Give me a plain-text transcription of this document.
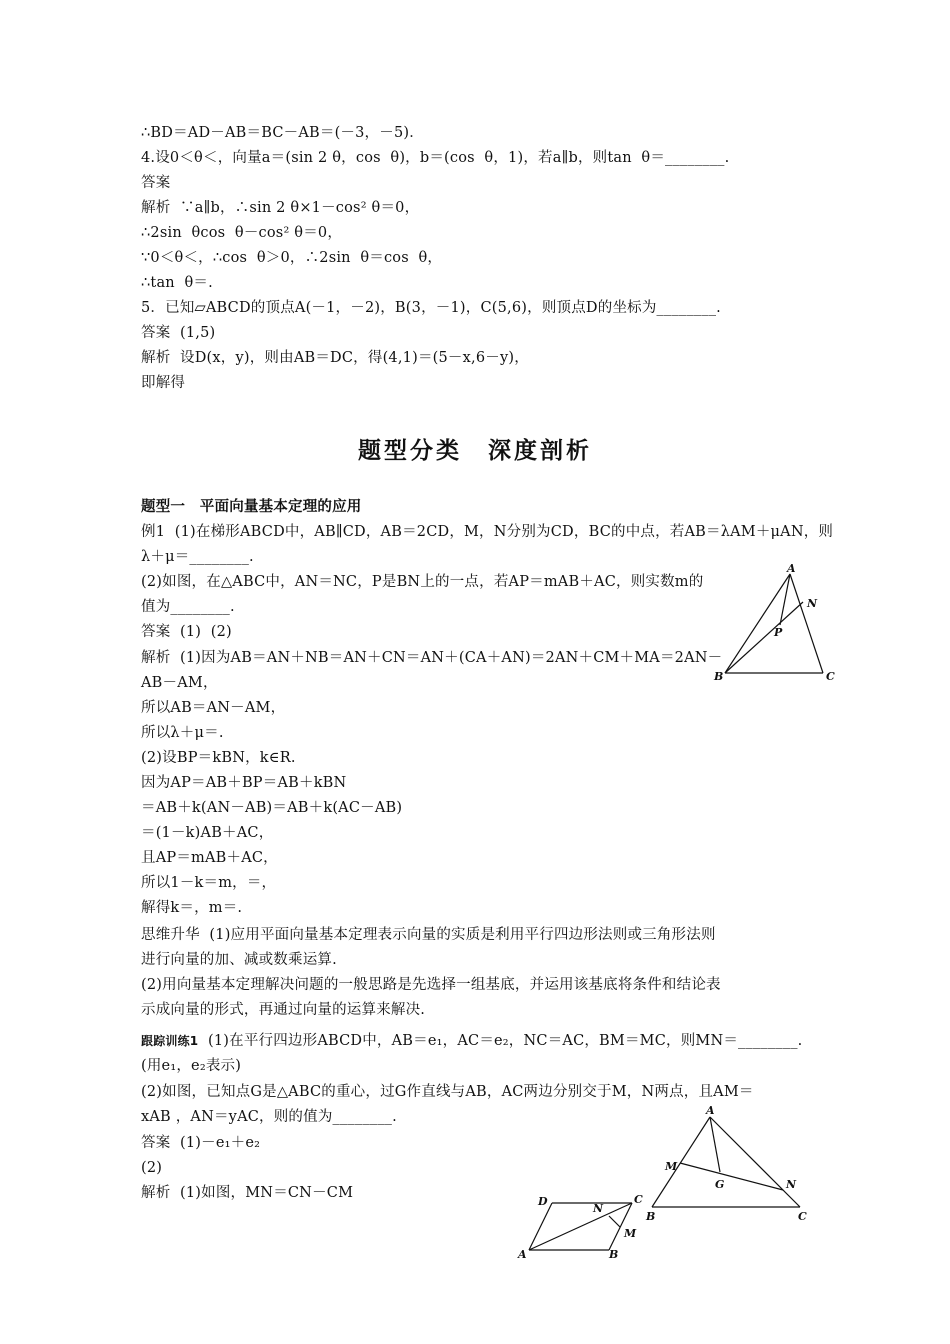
∴BD＝AD－AB＝BC－AB＝(－3，－5)．
4.设0＜θ＜，向量a＝(sin 2 θ，cos  θ)，b＝(cos  θ，1)，若a∥b，则tan  θ＝________.
答案
解析  ∵a∥b，∴sin 2 θ×1－cos² θ＝0，
∴2sin  θcos  θ－cos² θ＝0，
∵0＜θ＜，∴cos  θ＞0，∴2sin  θ＝cos  θ，
∴tan  θ＝.
5．已知▱ABCD的顶点A(－1，－2)，B(3，－1)，C(5,6)，则顶点D的坐标为________.
答案  (1,5)
解析  设D(x，y)，则由AB＝DC，得(4,1)＝(5－x,6－y)，
即解得
题型分类　深度剖析
题型一　平面向量基本定理的应用
例1  (1)在梯形ABCD中，AB∥CD，AB＝2CD，M，N分别为CD，BC的中点，若AB＝λAM＋μAN，则
λ＋μ＝________.
(2)如图，在△ABC中，AN＝NC，P是BN上的一点，若AP＝mAB＋AC，则实数m的
值为________.
答案  (1)  (2)
解析  (1)因为AB＝AN＋NB＝AN＋CN＝AN＋(CA＋AN)＝2AN＋CM＋MA＝2AN－
AB－AM，
所以AB＝AN－AM，
所以λ＋μ＝.
(2)设BP＝kBN，k∈R.
因为AP＝AB＋BP＝AB＋kBN
＝AB＋k(AN－AB)＝AB＋k(AC－AB)
＝(1－k)AB＋AC，
且AP＝mAB＋AC，
所以1－k＝m，＝，
解得k＝，m＝.
思维升华  (1)应用平面向量基本定理表示向量的实质是利用平行四边形法则或三角形法则
进行向量的加、减或数乘运算.
(2)用向量基本定理解决问题的一般思路是先选择一组基底，并运用该基底将条件和结论表
示成向量的形式，再通过向量的运算来解决.
跟踪训练1  (1)在平行四边形ABCD中，AB＝e₁，AC＝e₂，NC＝AC，BM＝MC，则MN＝________.
(用e₁，e₂表示)
(2)如图，已知点G是△ABC的重心，过G作直线与AB，AC两边分别交于M，N两点，且AM＝
xAB ，AN＝yAC，则的值为________.
答案  (1)－e₁＋e₂
(2)
解析  (1)如图，MN＝CN－CM
A
N
P
B	C
A
M
G	N
B	C
D	C
N
M
A	B
